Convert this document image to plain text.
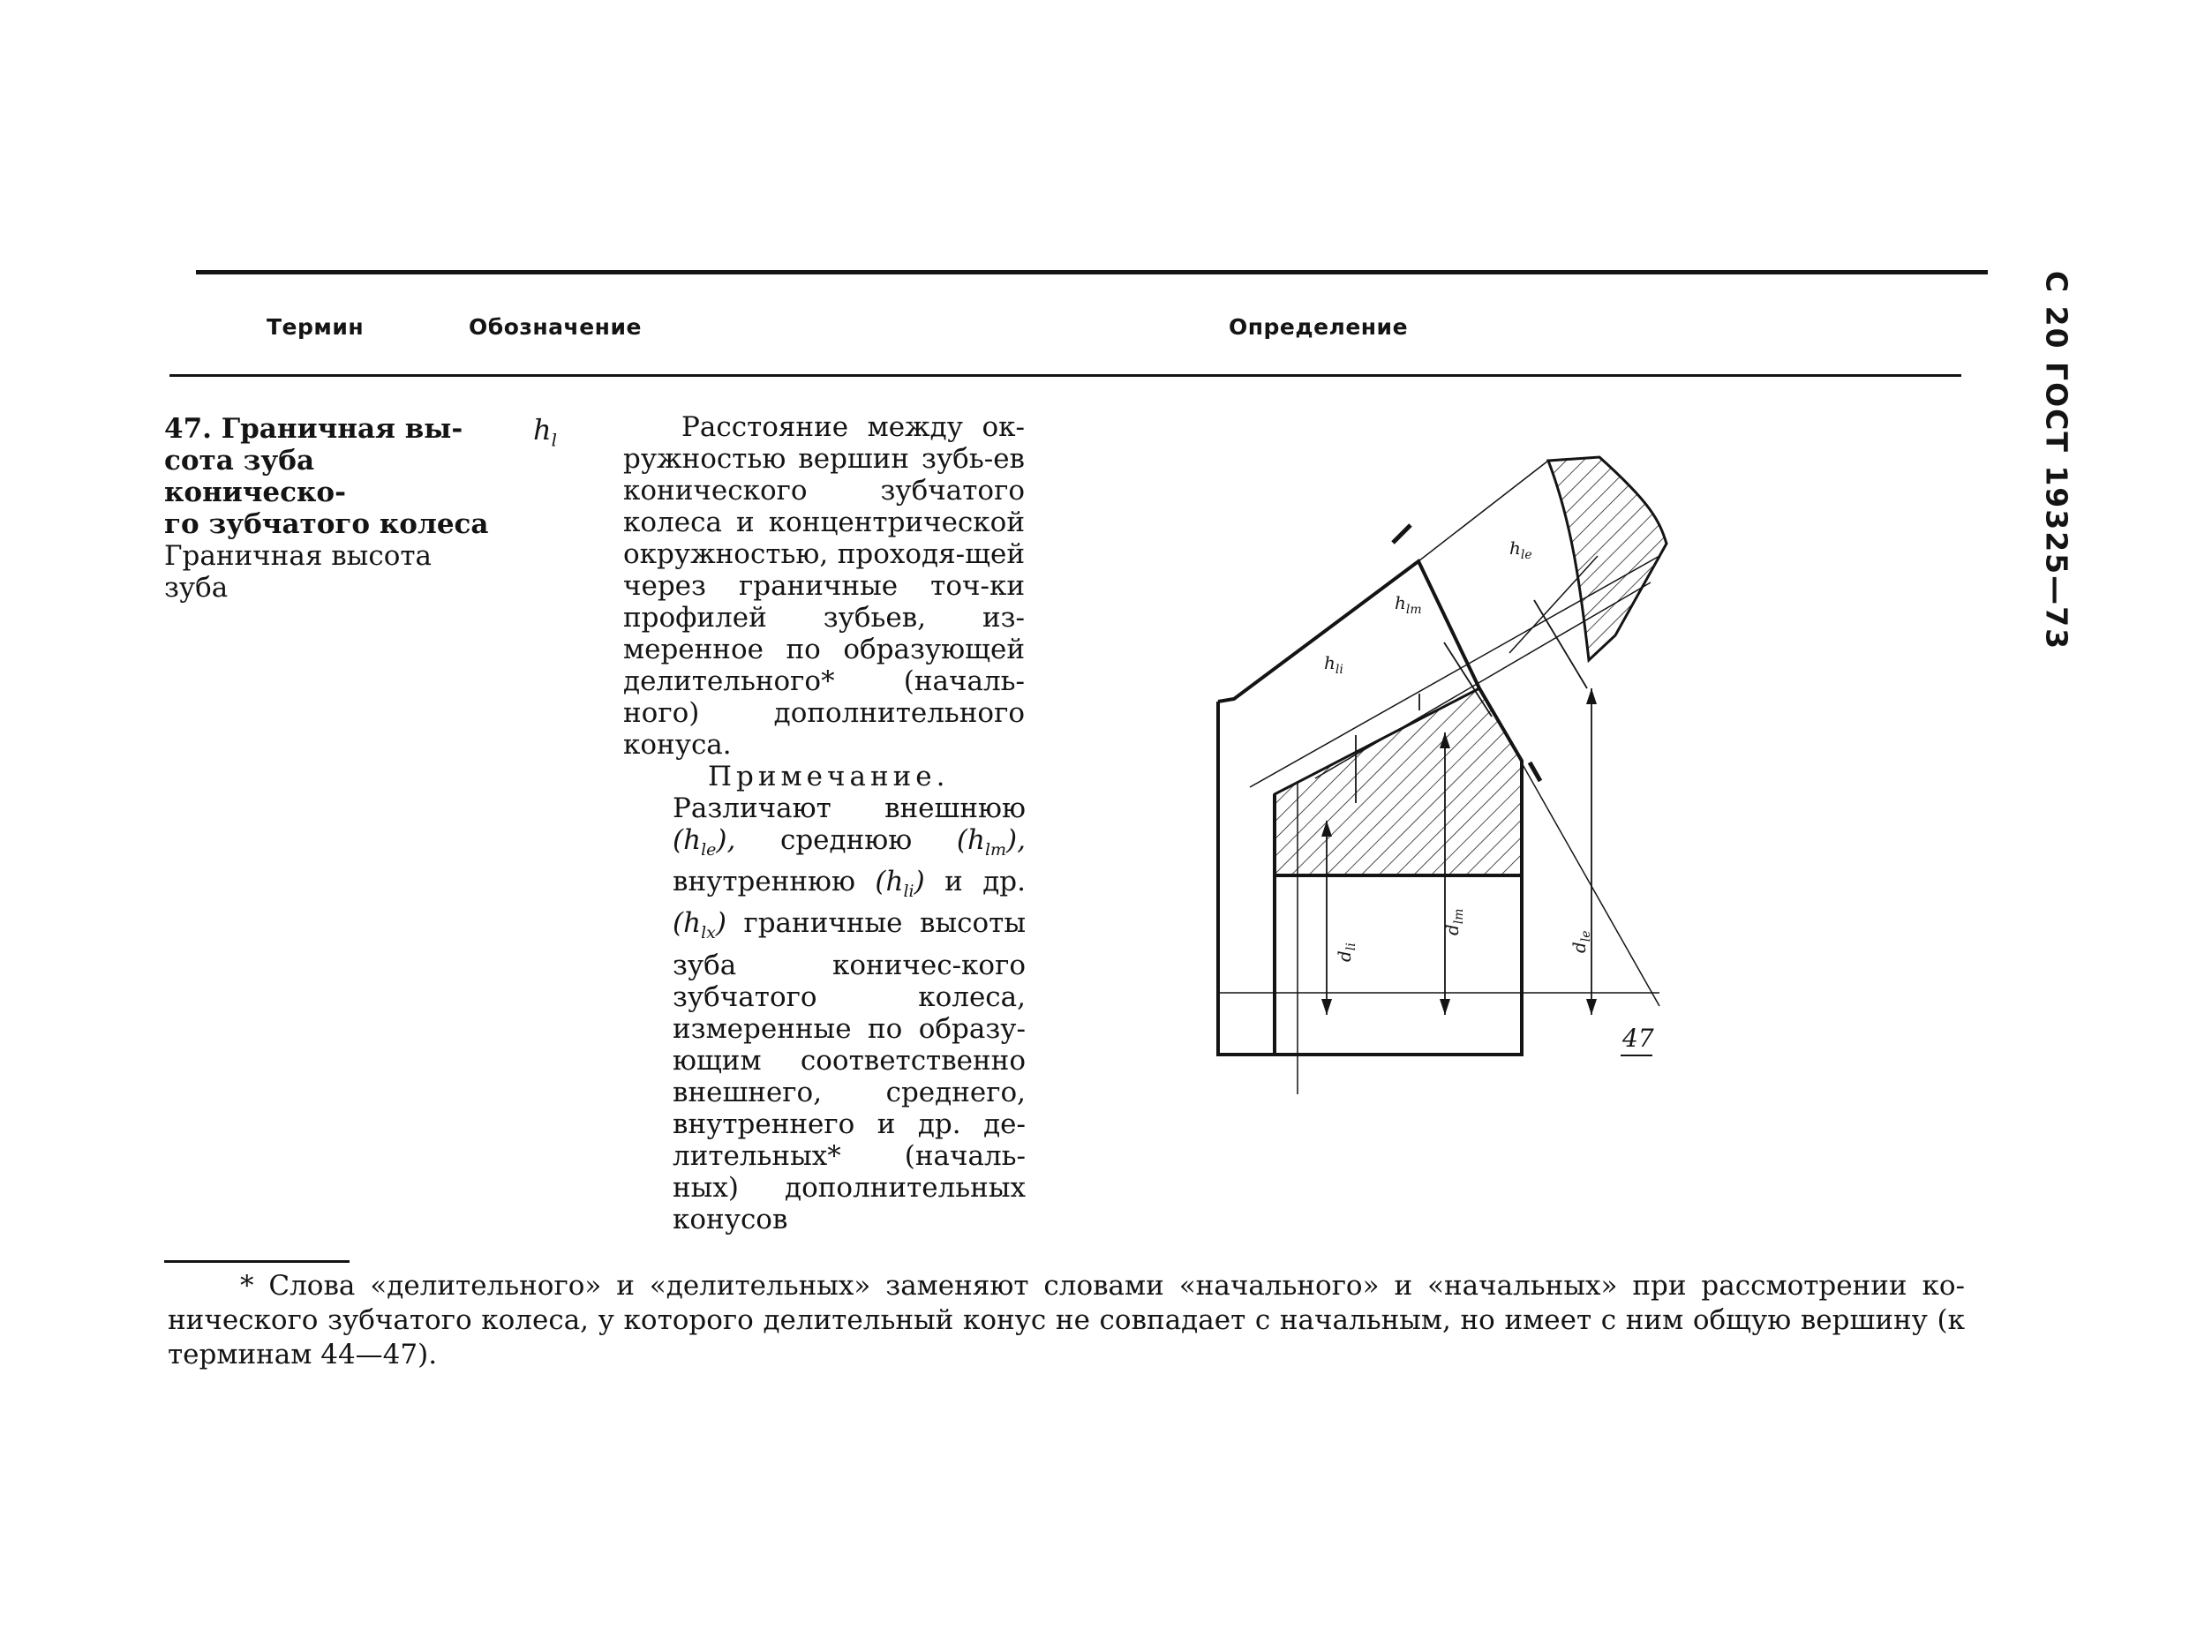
Термин	Обозначение	Определение	С 20 ГОСТ 19325—73
47. Граничная вы-
сота зуба коническо-
го зубчатого колеса
Граничная высота
зуба
$h_l$	Расстояние между ок-ружностью вершин зубь-ев конического зубчатого колеса и концентрической окружностью, проходя-щей через граничные точ-ки профилей зубьев, из-меренное по образующей делительного* (началь-ного) дополнительного конуса.
Примечание.
Различают внешнюю $(h_{le})$, среднюю $(h_{lm})$, внутреннюю $(h_{li})$ и др. $(h_{lx})$ граничные высоты зуба коничес-кого зубчатого колеса, измеренные по образу-ющим соответственно внешнего, среднего, внутреннего и др. де-лительных* (началь-ных) дополнительных конусов
$h_{le}$
$h_{lm}$
$h_{li}$
$d_{li}$
$d_{lm}$
$d_{le}$
47
* Слова «делительного» и «делительных» заменяют словами «начального» и «начальных» при рассмотрении ко-нического зубчатого колеса, у которого делительный конус не совпадает с начальным, но имеет с ним общую вершину (к терминам 44—47).
